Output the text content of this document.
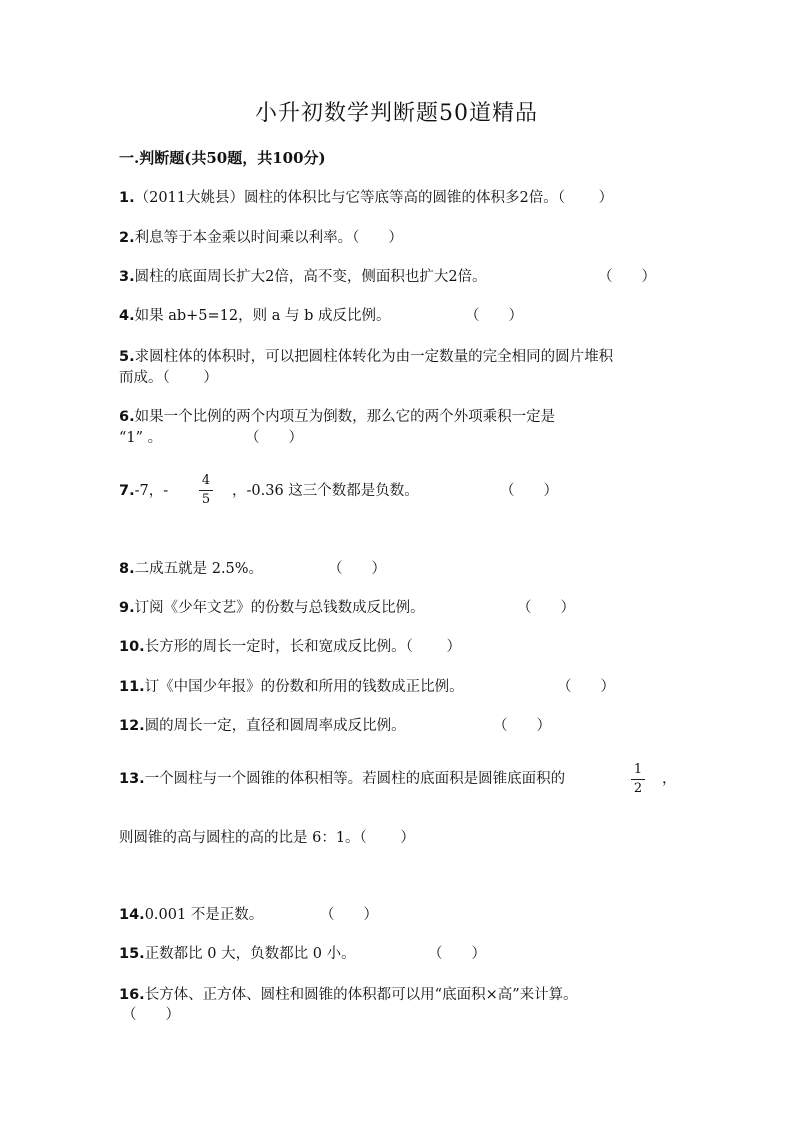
小升初数学判断题50道精品
一.判断题(共50题，共100分)
1.（2011大姚县）圆柱的体积比与它等底等高的圆锥的体积多2倍。（　　 ）
2.利息等于本金乘以时间乘以利率。（　　）
3.圆柱的底面周长扩大2倍，高不变，侧面积也扩大2倍。	（　　）
4.如果 ab+5=12，则 a 与 b 成反比例。	（　　）
5.求圆柱体的体积时，可以把圆柱体转化为由一定数量的完全相同的圆片堆积
而成。（　　 ）
6.如果一个比例的两个内项互为倒数，那么它的两个外项乘积一定是
“1” 。	（　　）
7.-7，-
4
5
，-0.36 这三个数都是负数。	（　　）
8.二成五就是 2.5%。	（　　）
9.订阅《少年文艺》的份数与总钱数成反比例。	（　　）
10.长方形的周长一定时，长和宽成反比例。（　　 ）
11.订《中国少年报》的份数和所用的钱数成正比例。	（　　）
12.圆的周长一定，直径和圆周率成反比例。	（　　）
13.一个圆柱与一个圆锥的体积相等。若圆柱的底面积是圆锥底面积的
1
2
，
则圆锥的高与圆柱的高的比是 6：1。（　　 ）
14.0.001 不是正数。	（　　）
15.正数都比 0 大，负数都比 0 小。	（　　）
16.长方体、正方体、圆柱和圆锥的体积都可以用“底面积×高”来计算。
（　　）
